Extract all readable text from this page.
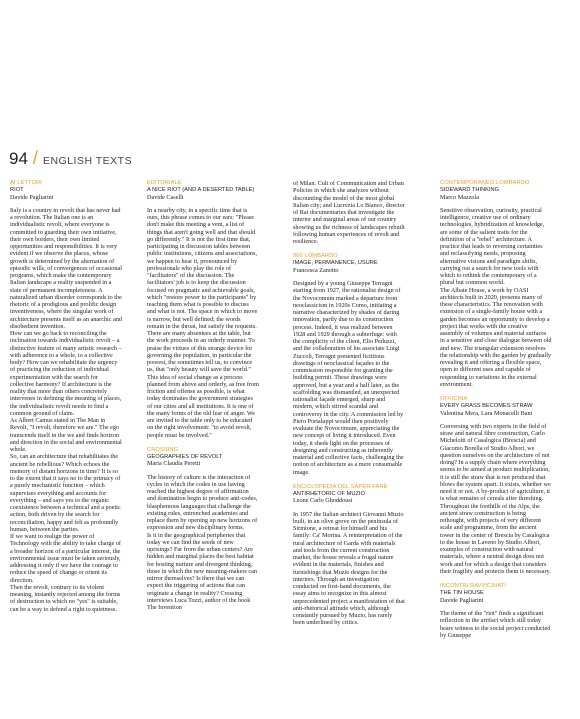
94 / ENGLISH TEXTS
AI LETTORI
RIOT
Davide Pagliarini

Italy is a country in revolt that has never had a revolution. The Italian one is an individualistic revolt, where everyone is committed to guarding their own initiative, their own borders, their own limited opportunities and responsibilities. It is very evident if we observe the places, whose growth is determined by the alternation of episodic wills, of convergences of occasional programs, which make the contemporary Italian landscape a reality suspended in a state of permanent incompleteness. A naturalized urban disorder corresponds to the rhetoric of a prodigious and prolific design inventiveness, where the singular work of architecture presents itself as an anarchic and disobedient invention.

How can we go back to reconciling the inclination towards individualistic revolt – a distinctive feature of many artistic research – with adherence to a whole, to a collective body? How can we rehabilitate the urgency of practicing the reduction of individual experimentation with the search for collective harmony? If architecture is the reality that more than others concretely intervenes in defining the meaning of places, the individualistic revolt needs to find a common ground of claim.

As Albert Camus stated in The Man in Revolt, "I revolt, therefore we are." The ego transcends itself in the we and finds horizon and direction in the social and environmental whole.

So, can an architecture that rehabilitates the ancient be rebellious? Which echoes the memory of distant horizons in time? It is so to the extent that it says no to the primacy of a purely mechanistic function – which supervises everything and accounts for everything – and says yes to the organic coexistence between a technical and a poetic action, both driven by the search for reconciliation, happy and felt as profoundly human, between the parties.

If we want to realign the power of Technology with the ability to take charge of a broader horizon of a particular interest, the environmental issue must be taken seriously, addressing it only if we have the courage to reduce the speed of change or orient its direction.

Then the revolt, contrary to its violent meaning, instantly rejected among the forms of destruction to which no "yes" is suitable, can be a way to defend a right to quietness.

EDITORIALE
A NICE RIOT (AND A DESERTED TABLE)
Davide Caselli

In a nearby city, in a specific time that is ours, this phrase comes to our ears: "Please don't make this meeting a vent, a list of things that aren't going well and that should go differently." It is not the first time that, participating in discussion tables between public institutions, citizens and associations, we happen to hear it, pronounced by professionals who play the role of "facilitators" of the discussion. The facilitators' job is to keep the discussion focused on pragmatic and achievable goals, which "restore power to the participants" by teaching them what is possible to discuss and what is not. The space in which to move is narrow, but well defined; the words remain in the throat, but satisfy the requests. There are many absentees at the table, but the work proceeds in an orderly manner. To praise the virtues of this strange device for governing the population, in particular the poorest, the sometimes tell us, to convince us, that "only beauty will save the world."

This idea of social change as a process planned from above and orderly, as free from friction and offense as possible, is what today dominates the government strategies of our cities and all institutions. It is one of the many forms of the old fear of anger. We are invited to the table only to be educated on the right involvement: "to avoid revolt, people must be involved."

CROSSING
GEOGRAPHIES OF REVOLT
Maria Claudia Peretti

The history of culture is the interaction of cycles in which the codes in use having reached the highest degree of affirmation and domination begin to produce anti-codes, blasphemous languages that challenge the existing rules, entrenched academies and replace them by opening up new horizons of expression and new disciplinary forms.

Is it in the geographical peripheries that today we can find the seeds of new uprisings? Far from the urban centers? Are hidden and marginal places the best habitat for hosting nurture and divergent thinking, those in which the new meaning-makers can mirror themselves? Is there that we can expect the triggering of actions that can originate a change in reality? Crossing interviews Luca Tozzi, author of the book The Invention

of Milan. Cult of Communication and Urban Policies in which she analyzes without discounting the model of the most global Italian city; and Lucrezia Lo Bianco, director of Rai documentaries that investigate the interior and marginal areas of our country showing us the richness of landscapes rebuilt following human experiences of revolt and resilience.

900 LOMBARDO
IMAGE, PERMANENCE, USURE
Francesca Zanotto

Designed by a young Giuseppe Terragni starting from 1927, the rationalist design of the Novocomum marked a departure from neoclassicism in 1920s Como, initiating a narrative characterized by shades of daring innovation, partly due to its construction process. Indeed, it was realized between 1928 and 1929 through a subterfuge: with the complicity of the client, Elio Peduzzi, and the collaboration of his associate Luigi Zuccoli, Terragni presented fictitious drawings of neoclassical façades to the commission responsible for granting the building permit. These drawings were approved, but a year and a half later, as the scaffolding was dismantled, an unexpected rationalist façade emerged, sharp and modern, which stirred scandal and controversy in the city. A commission led by Piero Portaluppi would then positively evaluate the Novocomum, appreciating the new concept of living it introduced. Even today, it sheds light on the processes of designing and constructing as inherently material and collective facts, challenging the notion of architecture as a mere consumable image.

ENCICLOPEDIA DEL SAPER FARE
ANTIRHETORIC OF MUZIO
Leone Carlo Ghoddousi

In 1957 the Italian architect Giovanni Muzio built, in an olive grove on the peninsula of Sirmione, a retreat for himself and his family: Ca' Morina. A reinterpretation of the rural architecture of Garda with materials and tools from the current construction market, the house reveals a frugal nature evident in the materials, finishes and furnishings that Muzio designs for the interiors. Through an investigation conducted on first-hand documents, the essay aims to recognize in this almost unprecedented project a manifestation of that anti-rhetorical attitude which, although constantly pursued by Muzio, has rarely been underlined by critics.

CONTEMPORANEO LOMBARDO
SIDEWARD THINKING
Marco Mazzola

Sensitive observation, curiosity, practical intelligence, creative use of ordinary technologies, hybridization of knowledge, are some of the salient traits for the definition of a "rebel" architecture. A practice that leads to reversing certainties and reclassifying needs, proposing alternative visions and paradigm shifts, carrying out a search for new tools with which to rethink the contemporary of a plural but common world.

The Albate House, a work by OASI architects built in 2020, presents many of these characteristics. The renovation with extension of a single-family house with a garden becomes an opportunity to develop a project that works with the creative assembly of volumes and material surfaces in a sensitive and close dialogue between old and new. The triangular extension resolves the relationship with the garden by gradually revealing it and offering a flexible space, open to different uses and capable of responding to variations in the external environment.

OFFICINA
EVERY GRASS BECOMES STRAW
Valentina Mera, Lara Monacelli Bani

Conversing with two experts in the field of straw and natural fibre construction, Carlo Michelotti of Casalogica (Brescia) and Giacomo Borella of Studio Albori, we question ourselves on the architecture of not doing? In a supply chain where everything seems to be aimed at product multiplication, it is still the straw that is not produced that blows the system apart. It exists, whether we need it or not. A by-product of agriculture, it is what remains of cereals after threshing.

Throughout the foothills of the Alps, the ancient straw construction is being rethought, with projects of very different scale and programme, from the ancient tower in the center of Brescia by Casalogica to the house in Laveno by Studio Albori, examples of construction with natural materials, where a neutral design does not work and for which a design that considers their fragility and protects them is necessary.

INCONTRI RAVVICINATI
THE TIN HOUSE
Davide Pagliarini

The theme of the "riot" finds a significant reflection in the artifact which still today bears witness to the social project conducted by Giuseppe
